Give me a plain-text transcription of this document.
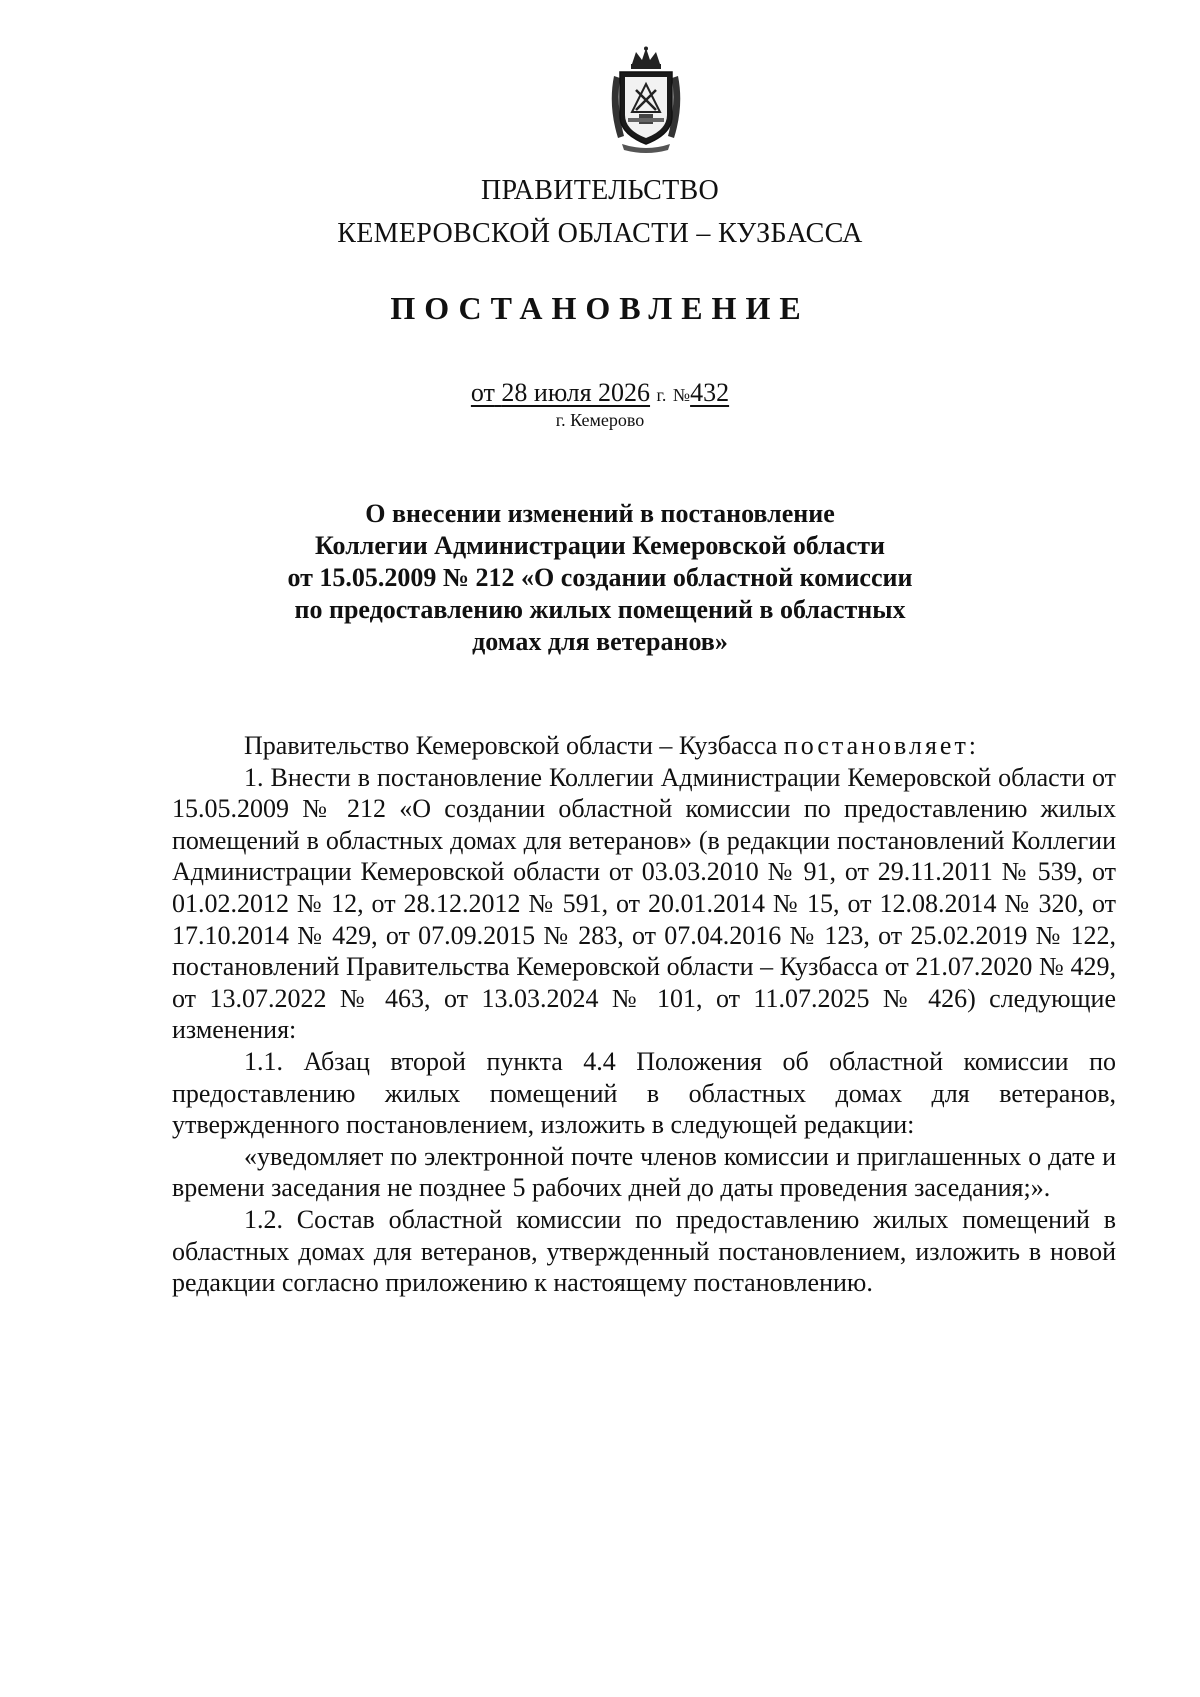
ПРАВИТЕЛЬСТВО
КЕМЕРОВСКОЙ ОБЛАСТИ – КУЗБАССА
ПОСТАНОВЛЕНИЕ
от 28 июля 2026 г. №432
г. Кемерово
О внесении изменений в постановление
Коллегии Администрации Кемеровской области
от 15.05.2009 № 212 «О создании областной комиссии
по предоставлению жилых помещений в областных
домах для ветеранов»

Правительство Кемеровской области – Кузбасса постановляет:

1. Внести в постановление Коллегии Администрации Кемеровской области от 15.05.2009 № 212 «О создании областной комиссии по предоставлению жилых помещений в областных домах для ветеранов» (в редакции постановлений Коллегии Администрации Кемеровской области от 03.03.2010 № 91, от 29.11.2011 № 539, от 01.02.2012 № 12, от 28.12.2012 № 591, от 20.01.2014 № 15, от 12.08.2014 № 320, от 17.10.2014 № 429, от 07.09.2015 № 283, от 07.04.2016 № 123, от 25.02.2019 № 122, постановлений Правительства Кемеровской области – Кузбасса от 21.07.2020 № 429, от 13.07.2022 № 463, от 13.03.2024 № 101, от 11.07.2025 № 426) следующие изменения:

1.1. Абзац второй пункта 4.4 Положения об областной комиссии по предоставлению жилых помещений в областных домах для ветеранов, утвержденного постановлением, изложить в следующей редакции:

«уведомляет по электронной почте членов комиссии и приглашенных о дате и времени заседания не позднее 5 рабочих дней до даты проведения заседания;».

1.2. Состав областной комиссии по предоставлению жилых помещений в областных домах для ветеранов, утвержденный постановлением, изложить в новой редакции согласно приложению к настоящему постановлению.
